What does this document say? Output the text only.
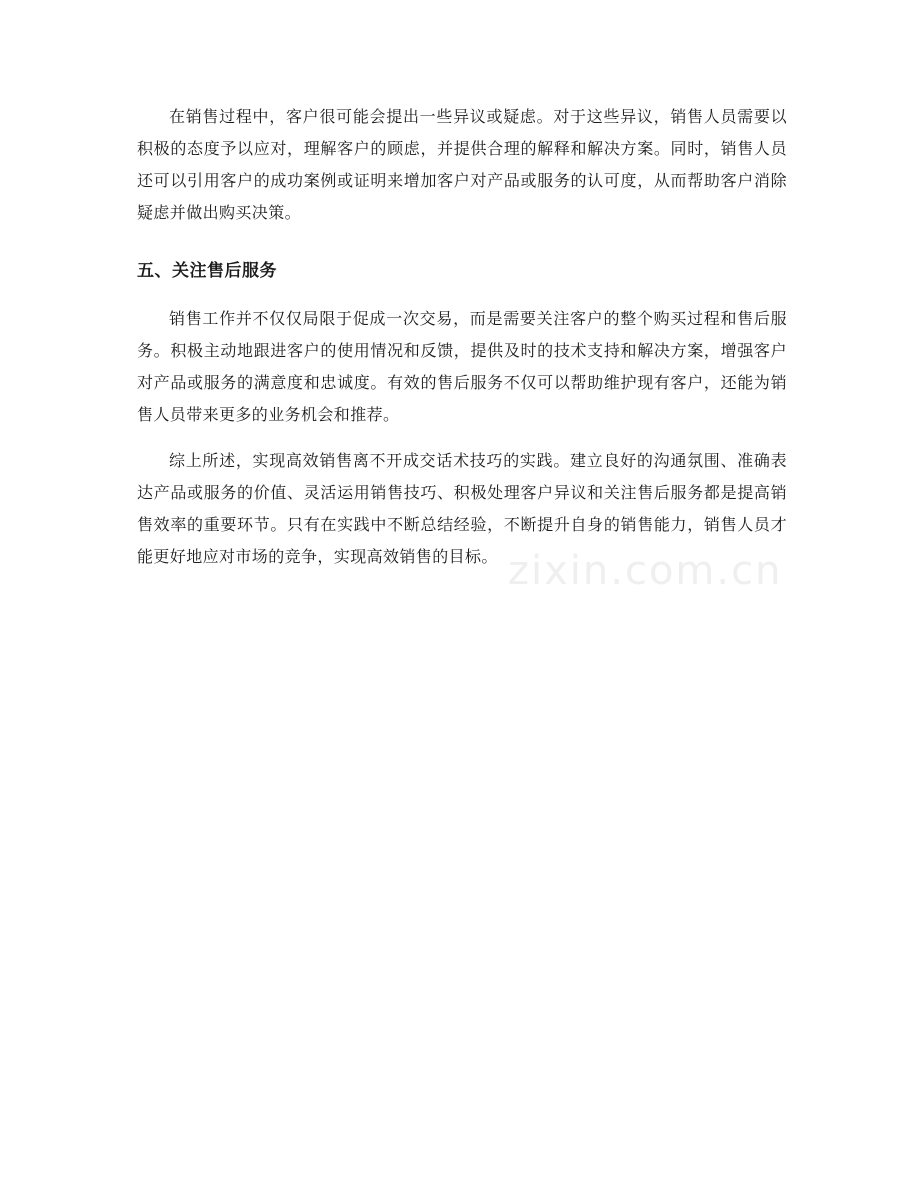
在销售过程中，客户很可能会提出一些异议或疑虑。对于这些异议，销售人员需要以积极的态度予以应对，理解客户的顾虑，并提供合理的解释和解决方案。同时，销售人员还可以引用客户的成功案例或证明来增加客户对产品或服务的认可度，从而帮助客户消除疑虑并做出购买决策。

五、关注售后服务

销售工作并不仅仅局限于促成一次交易，而是需要关注客户的整个购买过程和售后服务。积极主动地跟进客户的使用情况和反馈，提供及时的技术支持和解决方案，增强客户对产品或服务的满意度和忠诚度。有效的售后服务不仅可以帮助维护现有客户，还能为销售人员带来更多的业务机会和推荐。

综上所述，实现高效销售离不开成交话术技巧的实践。建立良好的沟通氛围、准确表达产品或服务的价值、灵活运用销售技巧、积极处理客户异议和关注售后服务都是提高销售效率的重要环节。只有在实践中不断总结经验，不断提升自身的销售能力，销售人员才能更好地应对市场的竞争，实现高效销售的目标。 zixin.com.cn
